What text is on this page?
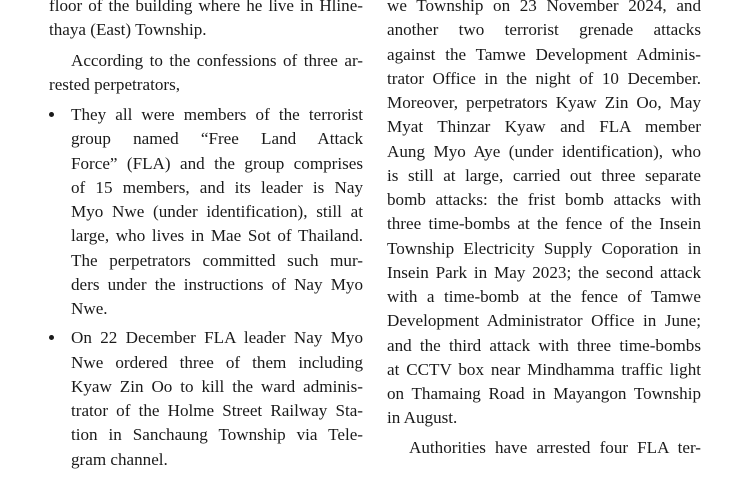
floor of the building where he live in Hline-
thaya (East) Township.
According to the confessions of three ar-
rested perpetrators,
They all were members of the terrorist
group named “Free Land Attack
Force” (FLA) and the group comprises
of 15 members, and its leader is Nay
Myo Nwe (under identification), still at
large, who lives in Mae Sot of Thailand.
The perpetrators committed such mur-
ders under the instructions of Nay Myo
Nwe.
On 22 December FLA leader Nay Myo
Nwe ordered three of them including
Kyaw Zin Oo to kill the ward adminis-
trator of the Holme Street Railway Sta-
tion in Sanchaung Township via Tele-
gram channel.
we Township on 23 November 2024, and
another two terrorist grenade attacks
against the Tamwe Development Adminis-
trator Office in the night of 10 December.
Moreover, perpetrators Kyaw Zin Oo, May
Myat Thinzar Kyaw and FLA member
Aung Myo Aye (under identification), who
is still at large, carried out three separate
bomb attacks: the frist bomb attacks with
three time-bombs at the fence of the Insein
Township Electricity Supply Coporation in
Insein Park in May 2023; the second attack
with a time-bomb at the fence of Tamwe
Development Administrator Office in June;
and the third attack with three time-bombs
at CCTV box near Mindhamma traffic light
on Thamaing Road in Mayangon Township
in August.
Authorities have arrested four FLA ter-
